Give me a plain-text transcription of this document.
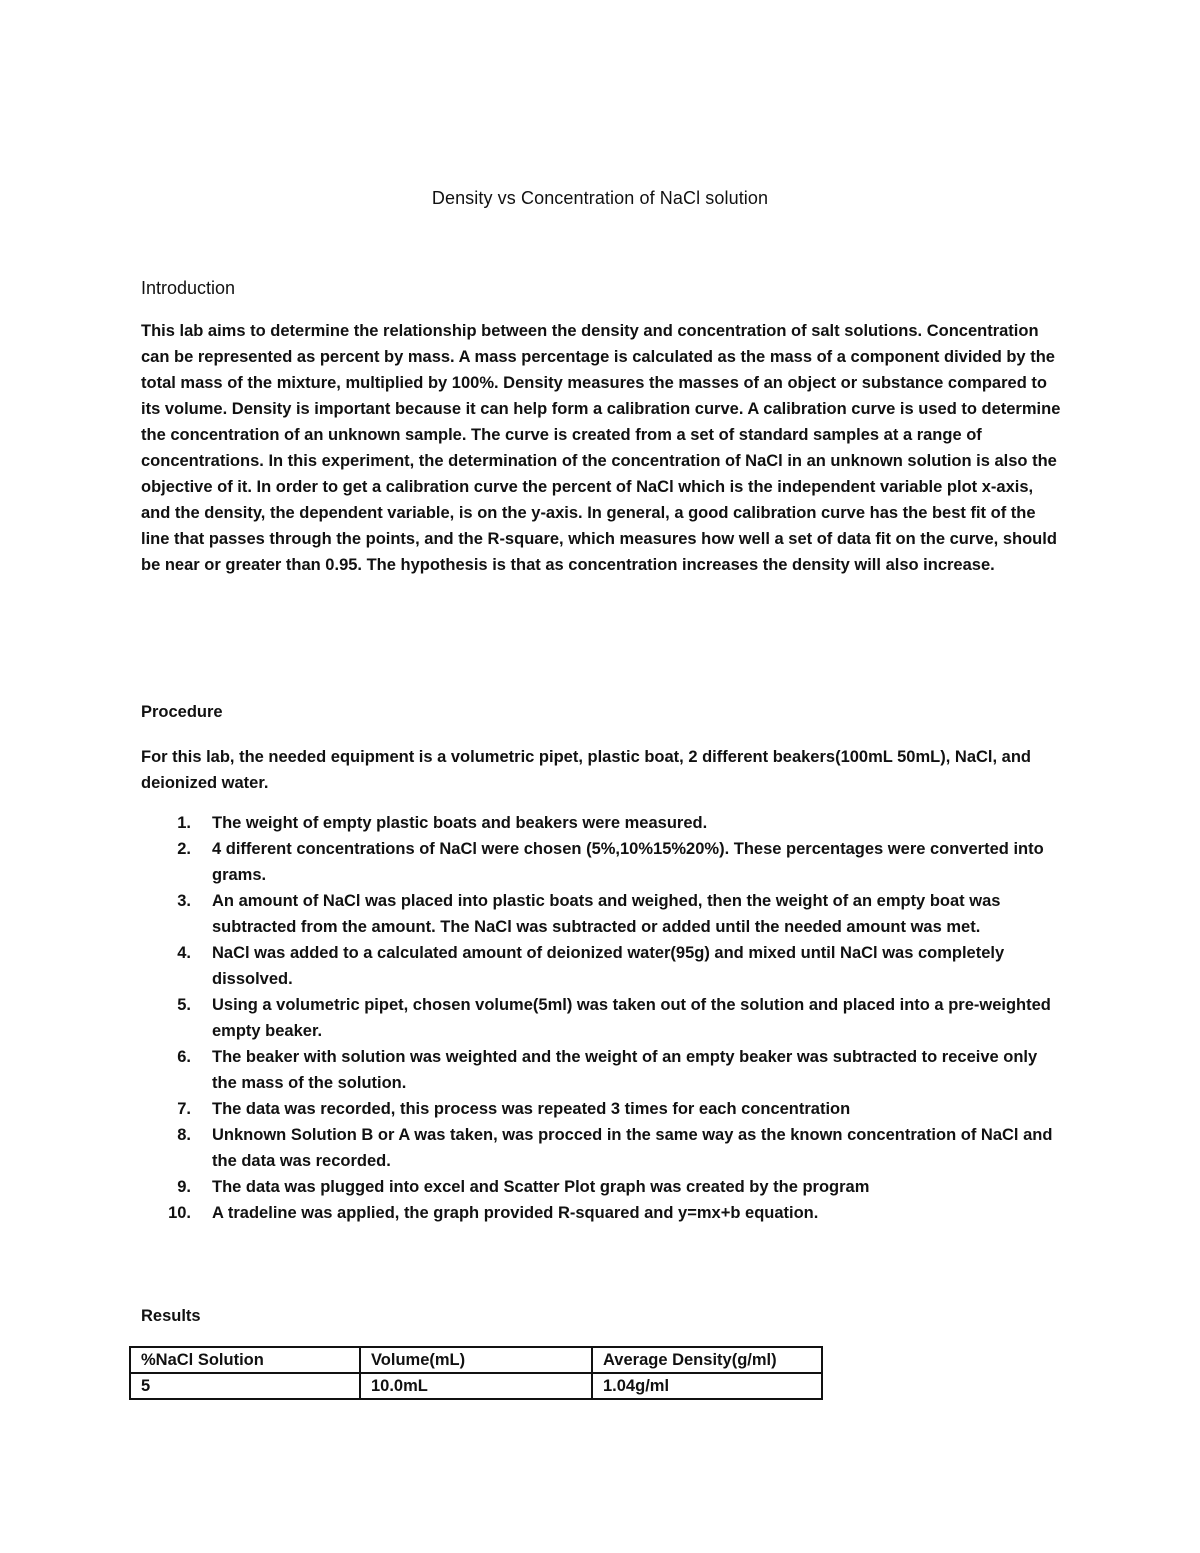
Density vs Concentration of NaCl solution
Introduction
This lab aims to determine the relationship between the density and concentration of salt solutions. Concentration can be represented as percent by mass. A mass percentage is calculated as the mass of a component divided by the total mass of the mixture, multiplied by 100%. Density measures the masses of an object or substance compared to its volume. Density is important because it can help form a calibration curve. A calibration curve is used to determine the concentration of an unknown sample. The curve is created from a set of standard samples at a range of concentrations. In this experiment, the determination of the concentration of NaCl in an unknown solution is also the objective of it. In order to get a calibration curve the percent of NaCl which is the independent variable plot x-axis, and the density, the dependent variable, is on the y-axis. In general, a good calibration curve has the best fit of the line that passes through the points, and the R-square, which measures how well a set of data fit on the curve, should be near or greater than 0.95. The hypothesis is that as concentration increases the density will also increase.
Procedure
For this lab, the needed equipment is a volumetric pipet, plastic boat, 2 different beakers(100mL 50mL), NaCl, and deionized water.
1. The weight of empty plastic boats and beakers were measured.
2. 4 different concentrations of NaCl were chosen (5%,10%15%20%). These percentages were converted into grams.
3. An amount of NaCl was placed into plastic boats and weighed, then the weight of an empty boat was subtracted from the amount. The NaCl was subtracted or added until the needed amount was met.
4. NaCl was added to a calculated amount of deionized water(95g) and mixed until NaCl was completely dissolved.
5. Using a volumetric pipet, chosen volume(5ml) was taken out of the solution and placed into a pre-weighted empty beaker.
6. The beaker with solution was weighted and the weight of an empty beaker was subtracted to receive only the mass of the solution.
7. The data was recorded, this process was repeated 3 times for each concentration
8. Unknown Solution B or A was taken, was procced in the same way as the known concentration of NaCl and the data was recorded.
9. The data was plugged into excel and Scatter Plot graph was created by the program
10. A tradeline was applied, the graph provided R-squared and y=mx+b equation.
Results
%NaCl Solution	Volume(mL)	Average Density(g/ml)
5	10.0mL	1.04g/ml
